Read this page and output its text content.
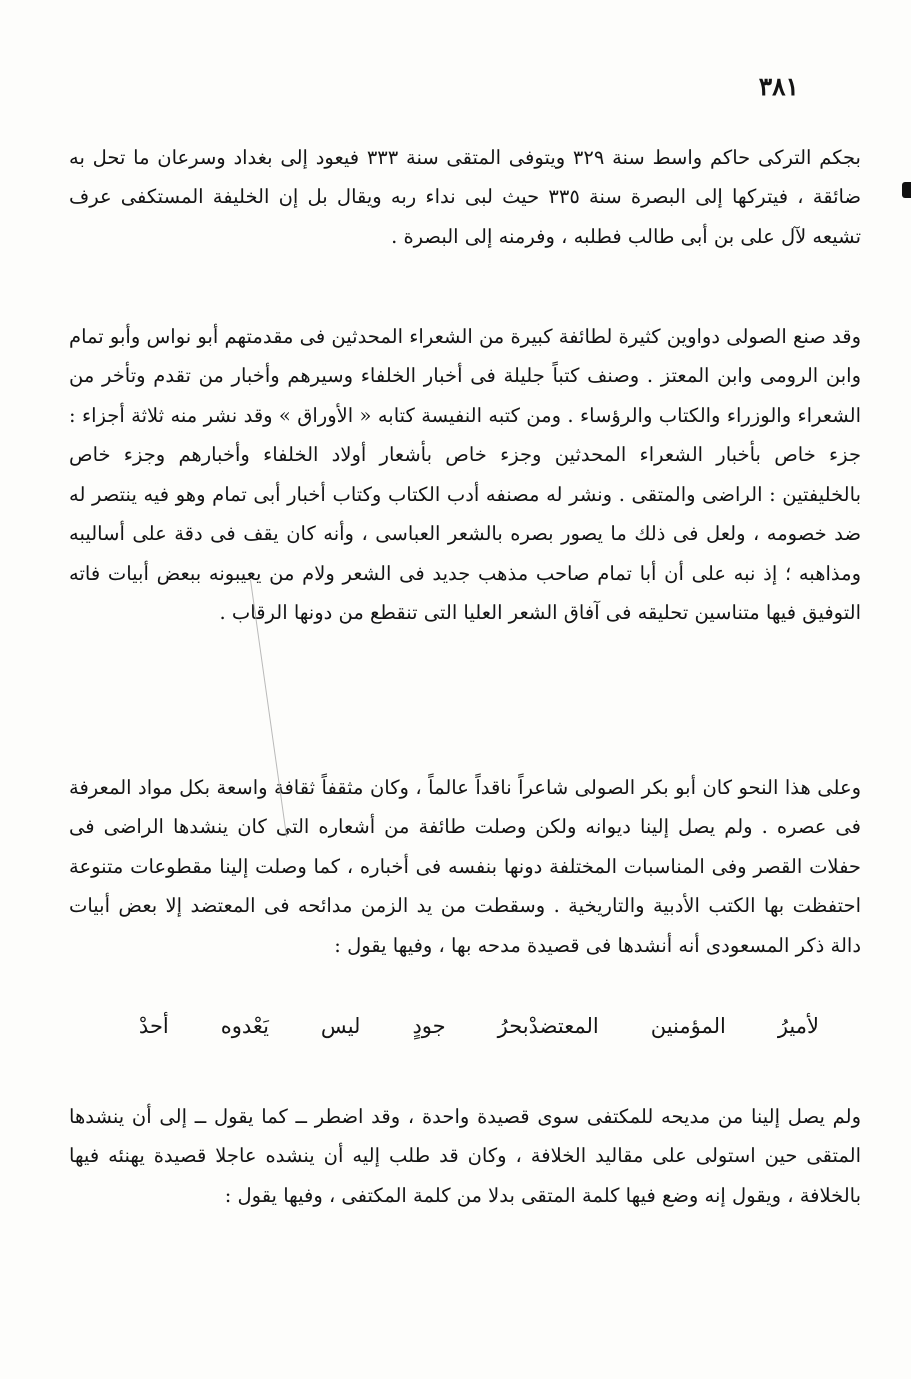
٣٨١

بجكم التركى حاكم واسط سنة ٣٢٩ ويتوفى المتقى سنة ٣٣٣ فيعود إلى بغداد وسرعان ما تحل به ضائقة ، فيتركها إلى البصرة سنة ٣٣٥ حيث لبى نداء ربه ويقال بل إن الخليفة المستكفى عرف تشيعه لآل على بن أبى طالب فطلبه ، وفرمنه إلى البصرة .

وقد صنع الصولى دواوين كثيرة لطائفة كبيرة من الشعراء المحدثين فى مقدمتهم أبو نواس وأبو تمام وابن الرومى وابن المعتز . وصنف كتباً جليلة فى أخبار الخلفاء وسيرهم وأخبار من تقدم وتأخر من الشعراء والوزراء والكتاب والرؤساء . ومن كتبه النفيسة كتابه « الأوراق » وقد نشر منه ثلاثة أجزاء : جزء خاص بأخبار الشعراء المحدثين وجزء خاص بأشعار أولاد الخلفاء وأخبارهم وجزء خاص بالخليفتين : الراضى والمتقى . ونشر له مصنفه أدب الكتاب وكتاب أخبار أبى تمام وهو فيه ينتصر له ضد خصومه ، ولعل فى ذلك ما يصور بصره بالشعر العباسى ، وأنه كان يقف فى دقة على أساليبه ومذاهبه ؛ إذ نبه على أن أبا تمام صاحب مذهب جديد فى الشعر ولام من يعيبونه ببعض أبيات فاته التوفيق فيها متناسين تحليقه فى آفاق الشعر العليا التى تنقطع من دونها الرقاب .

وعلى هذا النحو كان أبو بكر الصولى شاعراً ناقداً عالماً ، وكان مثقفاً ثقافة واسعة بكل مواد المعرفة فى عصره . ولم يصل إلينا ديوانه ولكن وصلت طائفة من أشعاره التى كان ينشدها الراضى فى حفلات القصر وفى المناسبات المختلفة دونها بنفسه فى أخباره ، كما وصلت إلينا مقطوعات متنوعة احتفظت بها الكتب الأدبية والتاريخية . وسقطت من يد الزمن مدائحه فى المعتضد إلا بعض أبيات دالة ذكر المسعودى أنه أنشدها فى قصيدة مدحه بها ، وفيها يقول :

لأميرُ
المؤمنين
المعتضدْ
بحرُ
جودٍ
ليس
يَعْدوه
أحدْ

ولم يصل إلينا من مديحه للمكتفى سوى قصيدة واحدة ، وقد اضطر ــ كما يقول ــ إلى أن ينشدها المتقى حين استولى على مقاليد الخلافة ، وكان قد طلب إليه أن ينشده عاجلا قصيدة يهنئه فيها بالخلافة ، ويقول إنه وضع فيها كلمة المتقى بدلا من كلمة المكتفى ، وفيها يقول :
